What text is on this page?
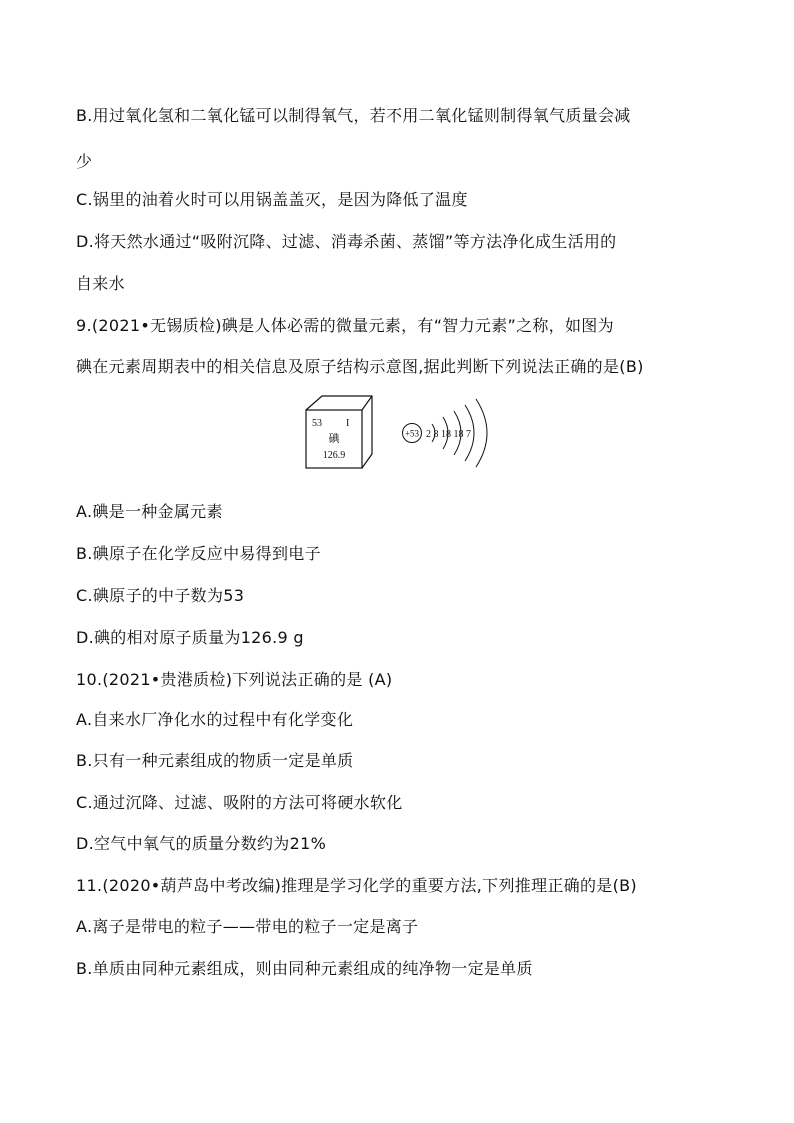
B.用过氧化氢和二氧化锰可以制得氧气，若不用二氧化锰则制得氧气质量会减

少

C.锅里的油着火时可以用锅盖盖灭，是因为降低了温度

D.将天然水通过“吸附沉降、过滤、消毒杀菌、蒸馏”等方法净化成生活用的

自来水

9.(2021•无锡质检)碘是人体必需的微量元素，有“智力元素”之称，如图为

碘在元素周期表中的相关信息及原子结构示意图,据此判断下列说法正确的是(B)

53 I
碘
126.9
+53 2 8 18 18 7

A.碘是一种金属元素

B.碘原子在化学反应中易得到电子

C.碘原子的中子数为53

D.碘的相对原子质量为126.9 g

10.(2021•贵港质检)下列说法正确的是 (A)

A.自来水厂净化水的过程中有化学变化

B.只有一种元素组成的物质一定是单质

C.通过沉降、过滤、吸附的方法可将硬水软化

D.空气中氧气的质量分数约为21%

11.(2020•葫芦岛中考改编)推理是学习化学的重要方法,下列推理正确的是(B)

A.离子是带电的粒子——带电的粒子一定是离子

B.单质由同种元素组成，则由同种元素组成的纯净物一定是单质
